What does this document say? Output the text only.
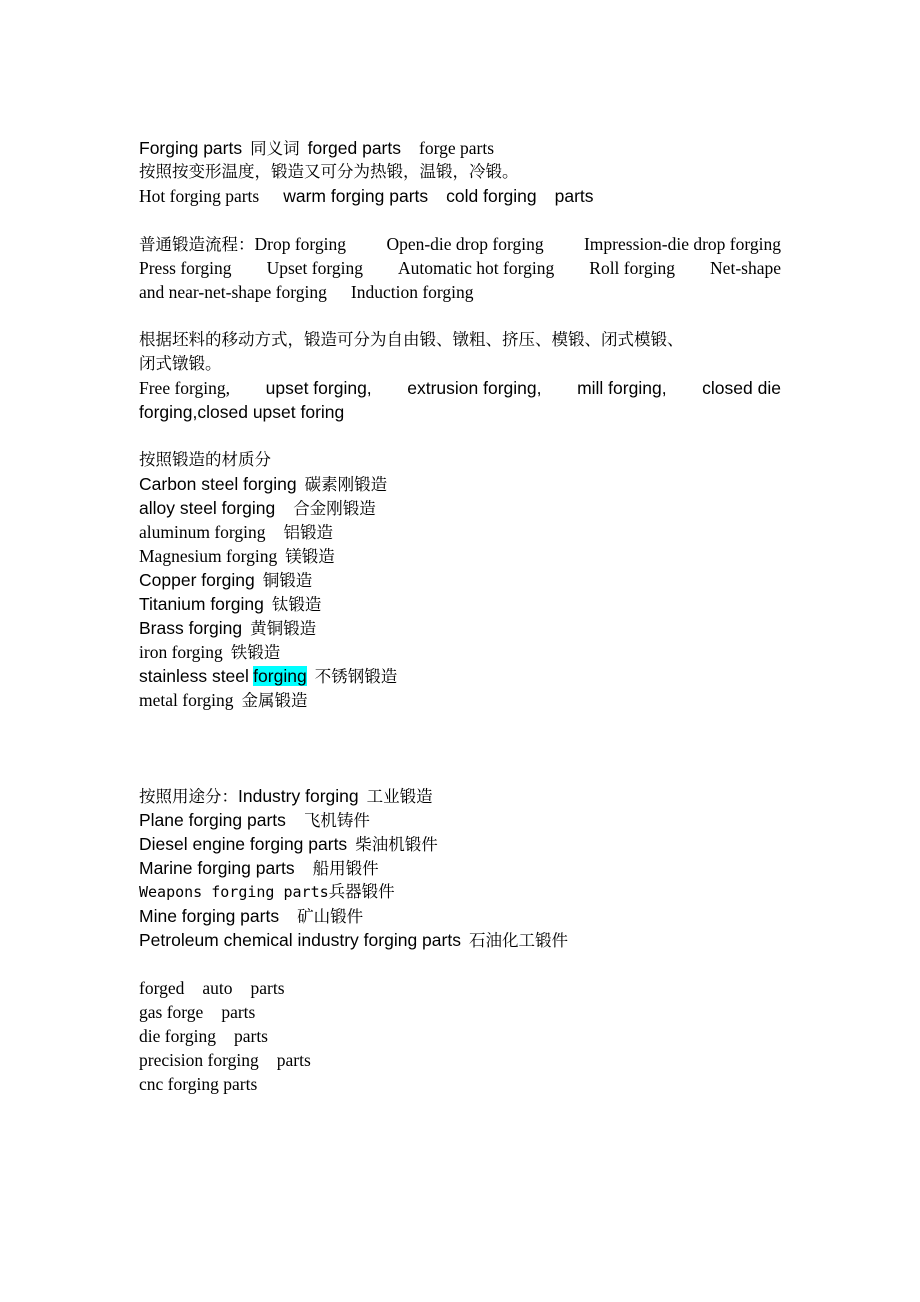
Forging parts 同义词 forged parts forge parts
按照按变形温度，锻造又可分为热锻，温锻，冷锻。
Hot forging parts warm forging parts cold forging parts
普通锻造流程：Drop forging Open-die drop forging Impression-die drop forging
Press forging Upset forging Automatic hot forging Roll forging Net-shape
and near-net-shape forging Induction forging
根据坯料的移动方式，锻造可分为自由锻、镦粗、挤压、模锻、闭式模锻、
闭式镦锻。
Free forging, upset forging, extrusion forging, mill forging, closed die
forging,closed upset foring
按照锻造的材质分
Carbon steel forging 碳素刚锻造
alloy steel forging 合金刚锻造
aluminum forging 铝锻造
Magnesium forging 镁锻造
Copper forging 铜锻造
Titanium forging 钛锻造
Brass forging 黄铜锻造
iron forging 铁锻造
stainless steel forging 不锈钢锻造
metal forging 金属锻造
按照用途分：Industry forging 工业锻造
Plane forging parts 飞机铸件
Diesel engine forging parts 柴油机锻件
Marine forging parts 船用锻件
Weapons forging parts兵器锻件
Mine forging parts 矿山锻件
Petroleum chemical industry forging parts 石油化工锻件
forged auto parts
gas forge parts
die forging parts
precision forging parts
cnc forging parts
